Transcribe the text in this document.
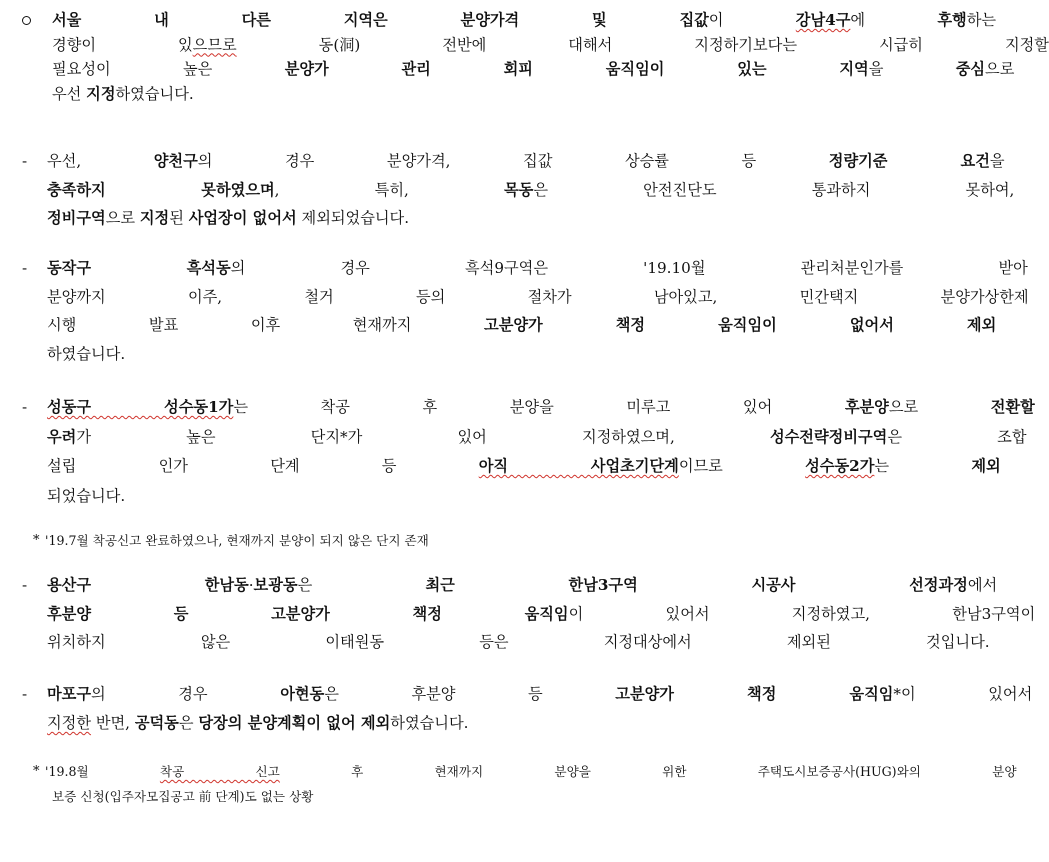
서울 내 다른 지역은 분양가격 및 집값이 강남4구에 후행하는
경향이 있으므로 동(洞) 전반에 대해서 지정하기보다는 시급히 지정할
필요성이 높은 분양가 관리 회피 움직임이 있는 지역을 중심으로
우선 지정하였습니다.
- 우선, 양천구의 경우 분양가격, 집값 상승률 등 정량기준 요건을
충족하지 못하였으며, 특히, 목동은 안전진단도 통과하지 못하여,
정비구역으로 지정된 사업장이 없어서 제외되었습니다.
- 동작구 흑석동의 경우 흑석9구역은 '19.10월 관리처분인가를 받아
분양까지 이주, 철거 등의 절차가 남아있고, 민간택지 분양가상한제
시행 발표 이후 현재까지 고분양가 책정 움직임이 없어서 제외
하였습니다.
- 성동구 성수동1가는 착공 후 분양을 미루고 있어 후분양으로 전환할
우려가 높은 단지*가 있어 지정하였으며, 성수전략정비구역은 조합
설립 인가 단계 등 아직 사업초기단계이므로 성수동2가는 제외
되었습니다.
* '19.7월 착공신고 완료하였으나, 현재까지 분양이 되지 않은 단지 존재
- 용산구 한남동·보광동은 최근 한남3구역 시공사 선정과정에서
후분양 등 고분양가 책정 움직임이 있어서 지정하였고, 한남3구역이
위치하지 않은 이태원동 등은 지정대상에서 제외된 것입니다.
- 마포구의 경우 아현동은 후분양 등 고분양가 책정 움직임*이 있어서
지정한 반면, 공덕동은 당장의 분양계획이 없어 제외하였습니다.
* '19.8월 착공 신고 후 현재까지 분양을 위한 주택도시보증공사(HUG)와의 분양
보증 신청(입주자모집공고 前 단계)도 없는 상황
